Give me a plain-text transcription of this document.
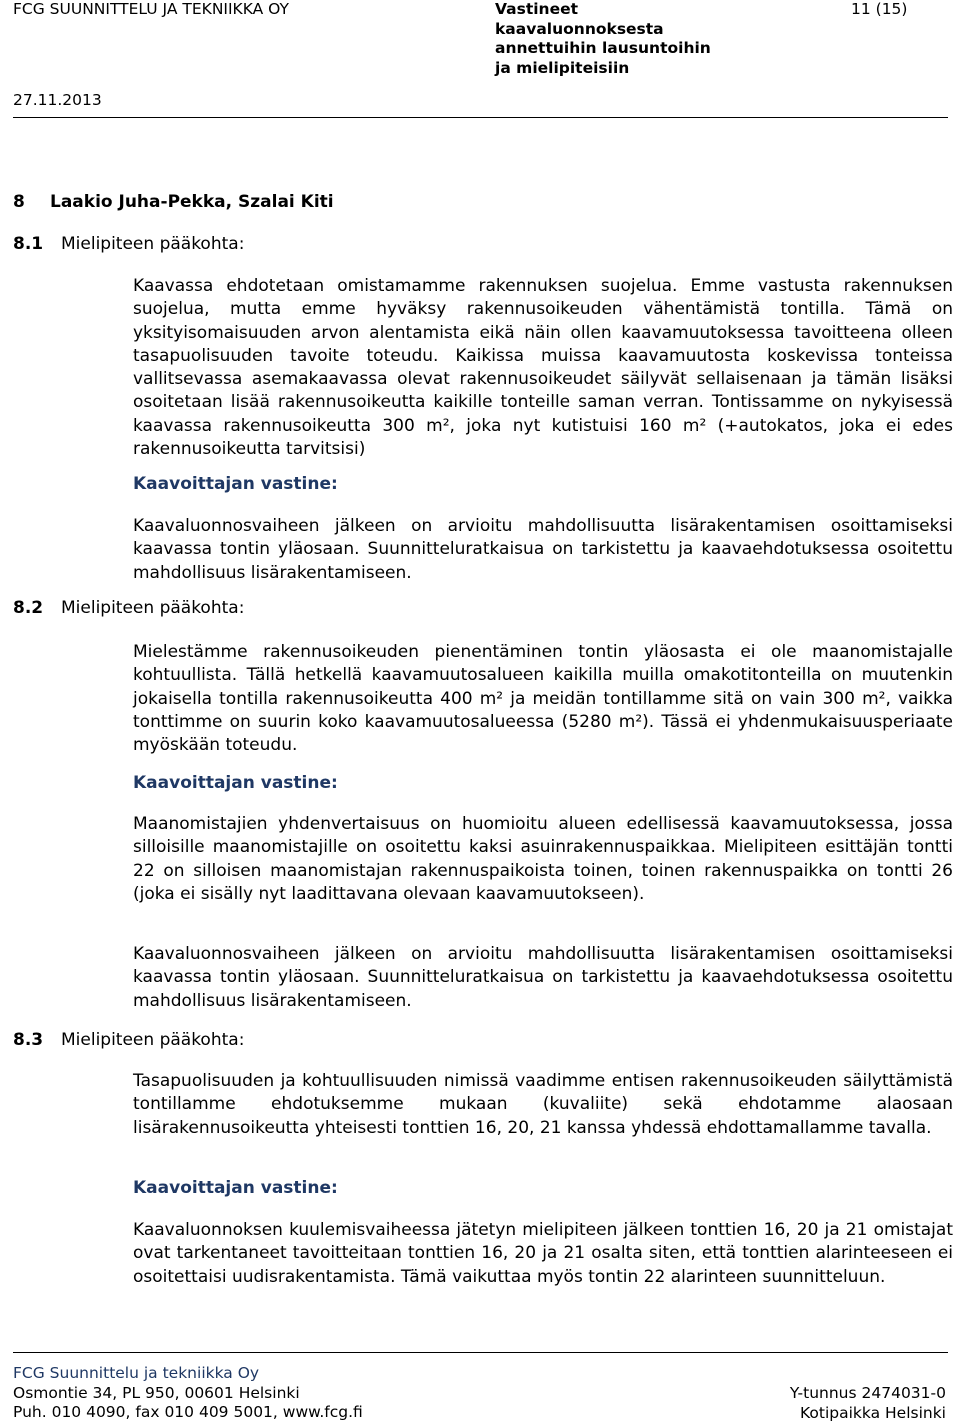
FCG SUUNNITTELU JA TEKNIIKKA OY	Vastineet
kaavaluonnoksesta
annettuihin lausuntoihin
ja mielipiteisiin
11 (15)
27.11.2013
8 Laakio Juha-Pekka, Szalai Kiti
8.1 Mielipiteen pääkohta:

Kaavassa ehdotetaan omistamamme rakennuksen suojelua. Emme vastusta rakennuksen suojelua, mutta emme hyväksy rakennusoikeuden vähentämistä tontilla. Tämä on yksityisomaisuuden arvon alentamista eikä näin ollen kaavamuutoksessa tavoitteena olleen tasapuolisuuden tavoite toteudu. Kaikissa muissa kaavamuutosta koskevissa tonteissa vallitsevassa asemakaavassa olevat rakennusoikeudet säilyvät sellaisenaan ja tämän lisäksi osoitetaan lisää rakennusoikeutta kaikille tonteille saman verran. Tontissamme on nykyisessä kaavassa rakennusoikeutta 300 m², joka nyt kutistuisi 160 m² (+autokatos, joka ei edes rakennusoikeutta tarvitsisi)

Kaavoittajan vastine:

Kaavaluonnosvaiheen jälkeen on arvioitu mahdollisuutta lisärakentamisen osoittamiseksi kaavassa tontin yläosaan. Suunnitteluratkaisua on tarkistettu ja kaavaehdotuksessa osoitettu mahdollisuus lisärakentamiseen.

8.2 Mielipiteen pääkohta:

Mielestämme rakennusoikeuden pienentäminen tontin yläosasta ei ole maanomistajalle kohtuullista. Tällä hetkellä kaavamuutosalueen kaikilla muilla omakotitonteilla on muutenkin jokaisella tontilla rakennusoikeutta 400 m² ja meidän tontillamme sitä on vain 300 m², vaikka tonttimme on suurin koko kaavamuutosalueessa (5280 m²). Tässä ei yhdenmukaisuusperiaate myöskään toteudu.

Kaavoittajan vastine:

Maanomistajien yhdenvertaisuus on huomioitu alueen edellisessä kaavamuutoksessa, jossa silloisille maanomistajille on osoitettu kaksi asuinrakennuspaikkaa. Mielipiteen esittäjän tontti 22 on silloisen maanomistajan rakennuspaikoista toinen, toinen rakennuspaikka on tontti 26 (joka ei sisälly nyt laadittavana olevaan kaavamuutokseen).

Kaavaluonnosvaiheen jälkeen on arvioitu mahdollisuutta lisärakentamisen osoittamiseksi kaavassa tontin yläosaan. Suunnitteluratkaisua on tarkistettu ja kaavaehdotuksessa osoitettu mahdollisuus lisärakentamiseen.

8.3 Mielipiteen pääkohta:

Tasapuolisuuden ja kohtuullisuuden nimissä vaadimme entisen rakennusoikeuden säilyttämistä tontillamme ehdotuksemme mukaan (kuvaliite) sekä ehdotamme alaosaan lisärakennusoikeutta yhteisesti tonttien 16, 20, 21 kanssa yhdessä ehdottamallamme tavalla.

Kaavoittajan vastine:

Kaavaluonnoksen kuulemisvaiheessa jätetyn mielipiteen jälkeen tonttien 16, 20 ja 21 omistajat ovat tarkentaneet tavoitteitaan tonttien 16, 20 ja 21 osalta siten, että tonttien alarinteeseen ei osoitettaisi uudisrakentamista. Tämä vaikuttaa myös tontin 22 alarinteen suunnitteluun.

FCG Suunnittelu ja tekniikka Oy
Osmontie 34, PL 950, 00601 Helsinki
Puh. 010 4090, fax 010 409 5001, www.fcg.fi
Y-tunnus 2474031-0
Kotipaikka Helsinki
